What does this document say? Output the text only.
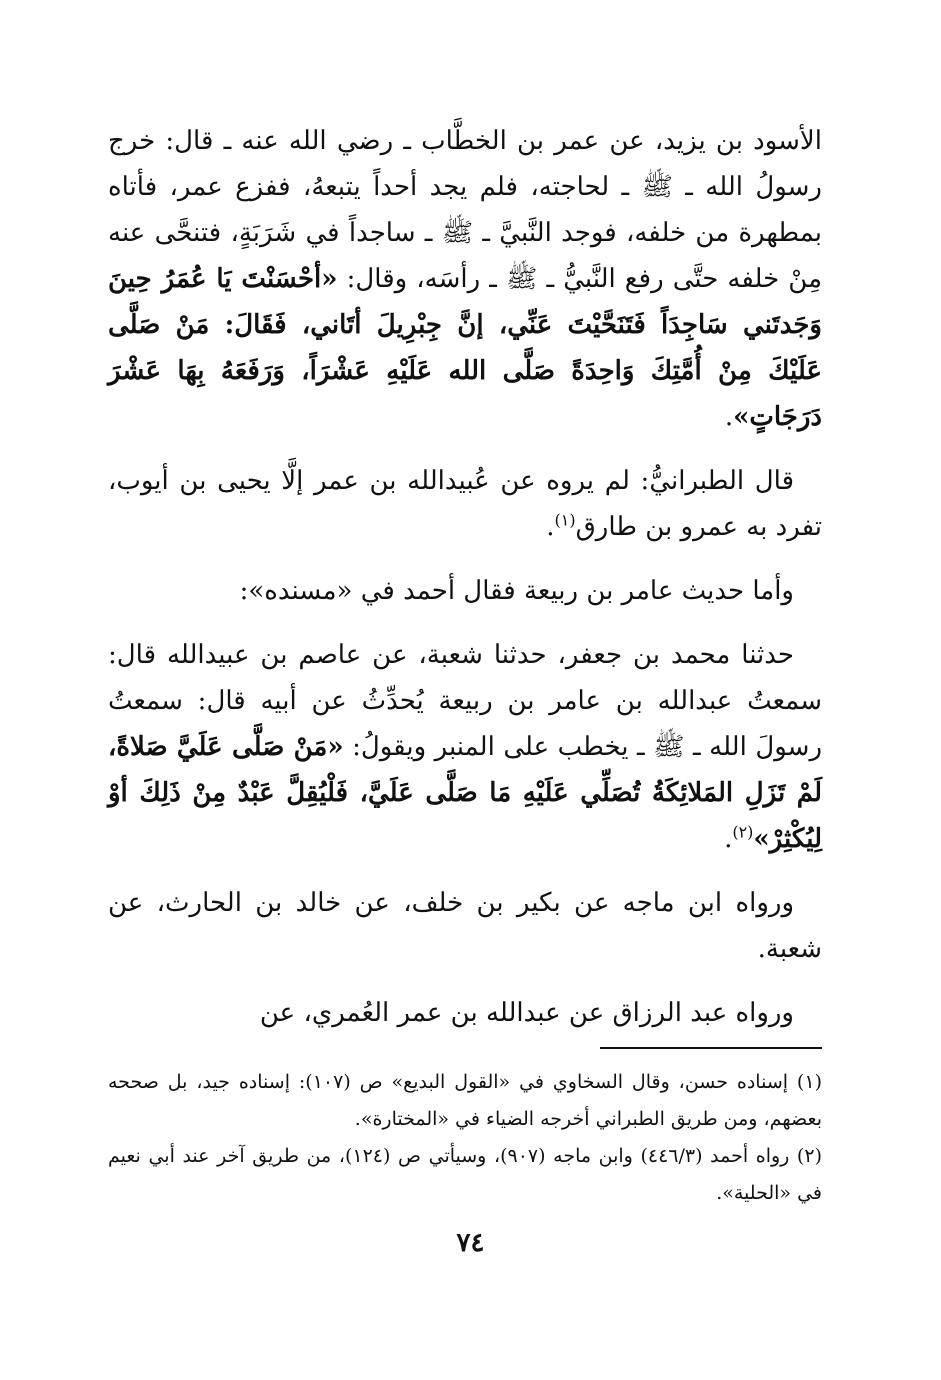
الأسود بن يزيد، عن عمر بن الخطَّاب ـ رضي الله عنه ـ قال: خرج رسولُ الله ـ ﷺ ـ لحاجته، فلم يجد أحداً يتبعهُ، ففزع عمر، فأتاه بمطهرة من خلفه، فوجد النَّبيَّ ـ ﷺ ـ ساجداً في شَرَبَةٍ، فتنحَّى عنه مِنْ خلفه حتَّى رفع النَّبيُّ ـ ﷺ ـ رأسَه، وقال: «أحْسَنْتَ يَا عُمَرُ حِينَ وَجَدتَني سَاجِدَاً فَتَنَحَّيْتَ عَنِّي، إنَّ جِبْرِيلَ أتَاني، فَقَالَ: مَنْ صَلَّى عَلَيْكَ مِنْ أُمَّتِكَ وَاحِدَةً صَلَّى الله عَلَيْهِ عَشْرَاً، وَرَفَعَهُ بِهَا عَشْرَ دَرَجَاتٍ».

قال الطبرانيُّ: لم يروه عن عُبيدالله بن عمر إلَّا يحيى بن أيوب، تفرد به عمرو بن طارق$^{(١)}$.

وأما حديث عامر بن ربيعة فقال أحمد في «مسنده»:

حدثنا محمد بن جعفر، حدثنا شعبة، عن عاصم بن عبيدالله قال: سمعتُ عبدالله بن عامر بن ربيعة يُحدِّثُ عن أبيه قال: سمعتُ رسولَ الله ـ ﷺ ـ يخطب على المنبر ويقولُ: «مَنْ صَلَّى عَلَيَّ صَلاةً، لَمْ تَزَلِ المَلائِكَةُ تُصَلِّي عَلَيْهِ مَا صَلَّى عَلَيَّ، فَلْيُقِلَّ عَبْدٌ مِنْ ذَلِكَ أوْ لِيُكْثِرْ»$^{(٢)}$.

ورواه ابن ماجه عن بكير بن خلف، عن خالد بن الحارث، عن شعبة.

ورواه عبد الرزاق عن عبدالله بن عمر العُمري، عن

(١) إسناده حسن، وقال السخاوي في «القول البديع» ص (١٠٧): إسناده جيد، بل صححه بعضهم، ومن طريق الطبراني أخرجه الضياء في «المختارة».

(٢) رواه أحمد (٤٤٦/٣) وابن ماجه (٩٠٧)، وسيأتي ص (١٢٤)، من طريق آخر عند أبي نعيم في «الحلية».

٧٤
